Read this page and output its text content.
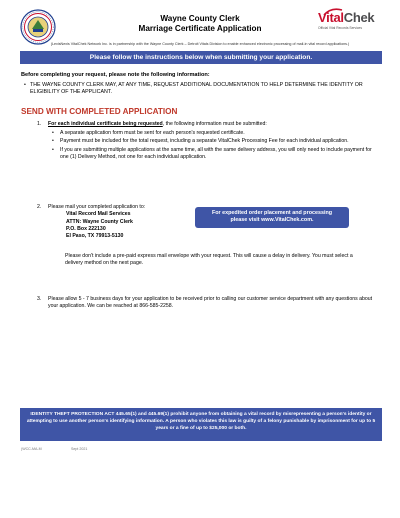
Wayne County Clerk
Marriage Certificate Application
VitalChek
Official Vital Records Services
(LexisNexis VitalChek Network Inc. is in partnership with the Wayne County Clerk – Detroit Vitals Division to enable enhanced electronic processing of mail-in vital record applications.)
Please follow the instructions below when submitting your application.
Before completing your request, please note the following information:
• THE WAYNE COUNTY CLERK MAY, AT ANY TIME, REQUEST ADDITIONAL DOCUMENTATION TO HELP DETERMINE THE IDENTITY OR ELIGIBILITY OF THE APPLICANT.
SEND WITH COMPLETED APPLICATION
1. For each individual certificate being requested, the following information must be submitted:
• A separate application form must be sent for each person's requested certificate.
• Payment must be included for the total request, including a separate VitalChek Processing Fee for each individual application.
• If you are submitting multiple applications at the same time, all with the same delivery address, you will only need to include payment for one (1) Delivery Method, not one for each individual application.
2. Please mail your completed application to:
Vital Record Mail Services
ATTN: Wayne County Clerk
P.O. Box 222130
El Paso, TX 79913-5130
For expedited order placement and processing
please visit www.VitalChek.com.
Please don't include a pre-paid express mail envelope with your request. This will cause a delay in delivery. You must select a delivery method on the next page.
3. Please allow 5 - 7 business days for your application to be received prior to calling our customer service department with any questions about your application. We can be reached at 866-585-2258.
IDENTITY THEFT PROTECTION ACT 445.65(1) and 445.69(1) prohibit anyone from obtaining a vital record by misrepresenting a person's identity or attempting to use another person's identifying information. A person who violates this law is guilty of a felony punishable by imprisonment for up to 5 years or a fine of up to $25,000 or both.
(WCC-MA-M	Sept 2021
